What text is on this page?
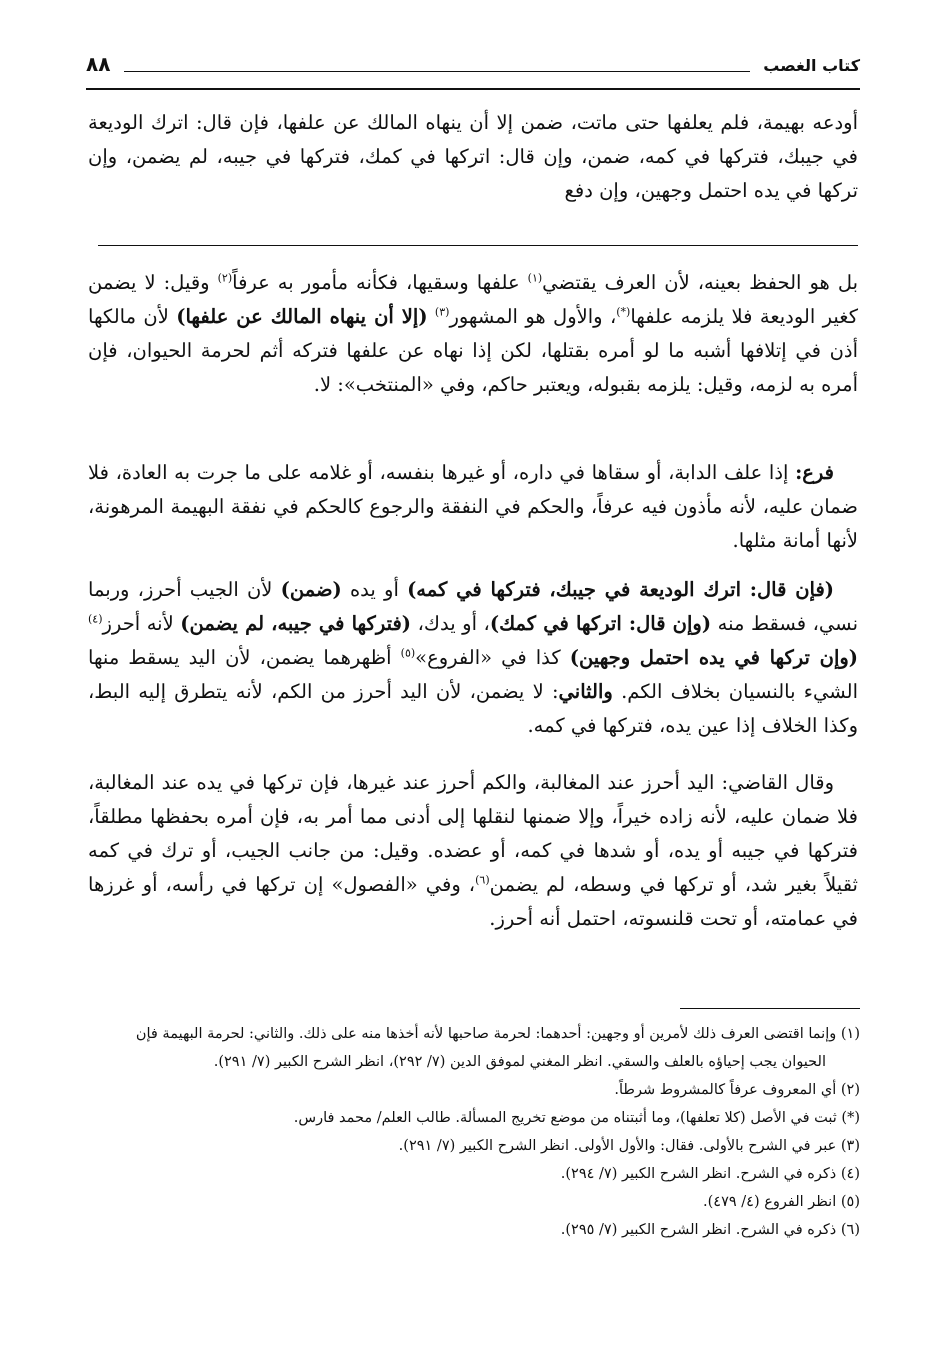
كتاب الغصب
٨٨
أودعه بهيمة، فلم يعلفها حتى ماتت، ضمن إلا أن ينهاه المالك عن علفها، فإن قال: اترك الوديعة في جيبك، فتركها في كمه، ضمن، وإن قال: اتركها في كمك، فتركها في جيبه، لم يضمن، وإن تركها في يده احتمل وجهين، وإن دفع
بل هو الحفظ بعينه، لأن العرف يقتضي$^{(١)}$ علفها وسقيها، فكأنه مأمور به عرفاً$^{(٢)}$ وقيل: لا يضمن كغير الوديعة فلا يلزمه علفها(*)، والأول هو المشهور$^{(٣)}$ (إلا أن ينهاه المالك عن علفها) لأن مالكها أذن في إتلافها أشبه ما لو أمره بقتلها، لكن إذا نهاه عن علفها فتركه أثم لحرمة الحيوان، فإن أمره به لزمه، وقيل: يلزمه بقبوله، ويعتبر حاكم، وفي «المنتخب»: لا.
فرع: إذا علف الدابة، أو سقاها في داره، أو غيرها بنفسه، أو غلامه على ما جرت به العادة، فلا ضمان عليه، لأنه مأذون فيه عرفاً، والحكم في النفقة والرجوع كالحكم في نفقة البهيمة المرهونة، لأنها أمانة مثلها.
(فإن قال: اترك الوديعة في جيبك، فتركها في كمه) أو يده (ضمن) لأن الجيب أحرز، وربما نسي، فسقط منه (وإن قال: اتركها في كمك)، أو يدك، (فتركها في جيبه، لم يضمن) لأنه أحرز$^{(٤)}$ (وإن تركها في يده احتمل وجهين) كذا في «الفروع»$^{(٥)}$ أظهرهما يضمن، لأن اليد يسقط منها الشيء بالنسيان بخلاف الكم. والثاني: لا يضمن، لأن اليد أحرز من الكم، لأنه يتطرق إليه البط، وكذا الخلاف إذا عين يده، فتركها في كمه.
وقال القاضي: اليد أحرز عند المغالبة، والكم أحرز عند غيرها، فإن تركها في يده عند المغالبة، فلا ضمان عليه، لأنه زاده خيراً، وإلا ضمنها لنقلها إلى أدنى مما أمر به، فإن أمره بحفظها مطلقاً، فتركها في جيبه أو يده، أو شدها في كمه، أو عضده. وقيل: من جانب الجيب، أو ترك في كمه ثقيلاً بغير شد، أو تركها في وسطه، لم يضمن$^{(٦)}$، وفي «الفصول» إن تركها في رأسه، أو غرزها في عمامته، أو تحت قلنسوته، احتمل أنه أحرز.
(١) وإنما اقتضى العرف ذلك لأمرين أو وجهين: أحدهما: لحرمة صاحبها لأنه أخذها منه على ذلك. والثاني: لحرمة البهيمة فإن الحيوان يجب إحياؤه بالعلف والسقي. انظر المغني لموفق الدين (٧/ ٢٩٢)، انظر الشرح الكبير (٧/ ٢٩١).
(٢) أي المعروف عرفاً كالمشروط شرطاً.
(*) ثبت في الأصل (كلا تعلفها)، وما أثبتناه من موضع تخريج المسألة. طالب العلم/ محمد فارس.
(٣) عبر في الشرح بالأولى. فقال: والأول الأولى. انظر الشرح الكبير (٧/ ٢٩١).
(٤) ذكره في الشرح. انظر الشرح الكبير (٧/ ٢٩٤).
(٥) انظر الفروع (٤/ ٤٧٩).
(٦) ذكره في الشرح. انظر الشرح الكبير (٧/ ٢٩٥).
